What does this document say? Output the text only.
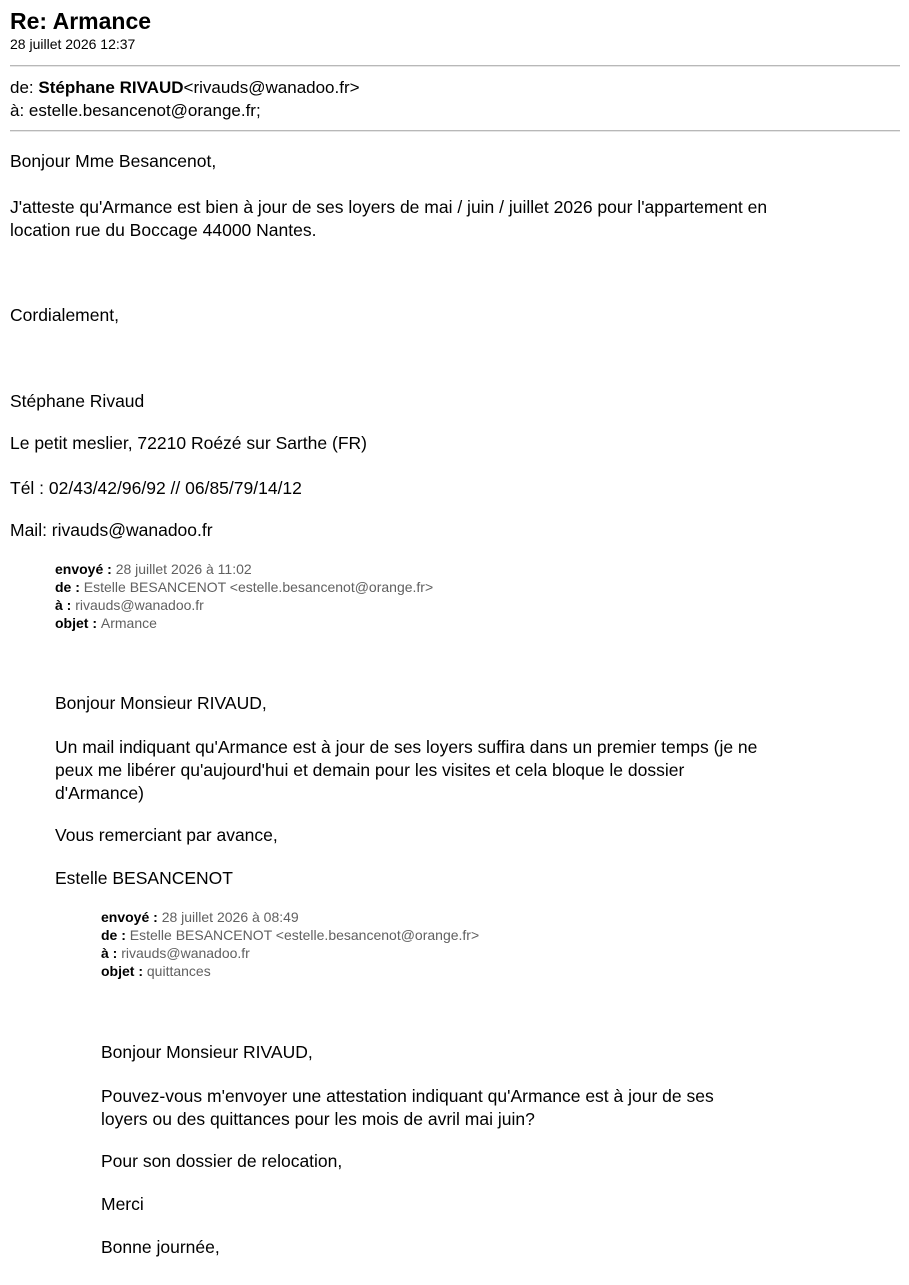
Re: Armance
28 juillet 2026 12:37
de: Stéphane RIVAUD<rivauds@wanadoo.fr>
à: estelle.besancenot@orange.fr;
Bonjour Mme Besancenot,
J'atteste qu'Armance est bien à jour de ses loyers de mai / juin / juillet 2026 pour l'appartement en
location rue du Boccage 44000 Nantes.
Cordialement,
Stéphane Rivaud
Le petit meslier, 72210 Roézé sur Sarthe (FR)
Tél : 02/43/42/96/92 // 06/85/79/14/12
Mail: rivauds@wanadoo.fr
envoyé : 28 juillet 2026 à 11:02
de : Estelle BESANCENOT <estelle.besancenot@orange.fr>
à : rivauds@wanadoo.fr
objet : Armance
Bonjour Monsieur RIVAUD,
Un mail indiquant qu'Armance est à jour de ses loyers suffira dans un premier temps (je ne
peux me libérer qu'aujourd'hui et demain pour les visites et cela bloque le dossier
d'Armance)
Vous remerciant par avance,
Estelle BESANCENOT
envoyé : 28 juillet 2026 à 08:49
de : Estelle BESANCENOT <estelle.besancenot@orange.fr>
à : rivauds@wanadoo.fr
objet : quittances
Bonjour Monsieur RIVAUD,
Pouvez-vous m'envoyer une attestation indiquant qu'Armance est à jour de ses
loyers ou des quittances pour les mois de avril mai juin?
Pour son dossier de relocation,
Merci
Bonne journée,
